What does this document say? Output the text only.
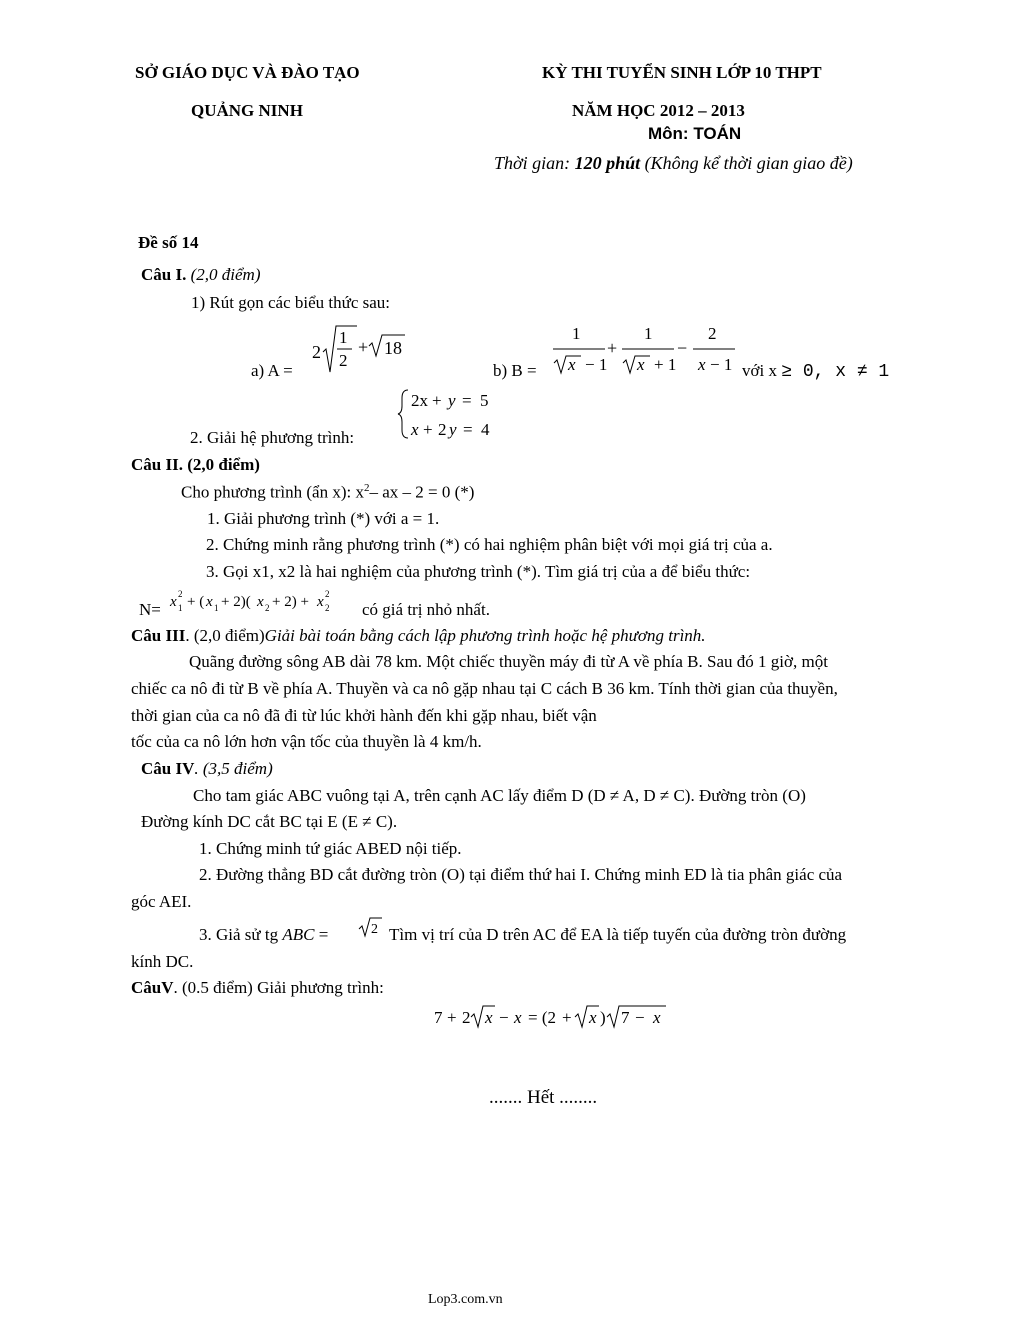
SỞ GIÁO DỤC VÀ ĐÀO TẠO
QUẢNG NINH
KỲ THI TUYỂN SINH LỚP 10 THPT
NĂM HỌC 2012 – 2013
Môn: TOÁN
Thời gian: 120 phút (Không kể thời gian giao đề)
Đề số 14
Câu I. (2,0 điểm)
1) Rút gọn các biểu thức sau:
a) A =
2
1
2
+ 18
b) B =
1
x − 1
+
1
x + 1
−
2
x − 1 với x ≥ 0, x ≠ 1
2. Giải hệ phương trình:
2x + y = 5
x + 2 y = 4
Câu II. (2,0 điểm)
Cho phương trình (ẩn x): $x^2-$ ax – 2 = 0 (*)
1. Giải phương trình (*) với a = 1.
2. Chứng minh rằng phương trình (*) có hai nghiệm phân biệt với mọi giá trị của a.
3. Gọi x1, x2 là hai nghiệm của phương trình (*). Tìm giá trị của a để biểu thức:
N= x 2
1 + ( x 1 + 2)( x 2 + 2) + x 2
2 có giá trị nhỏ nhất.
Câu III. (2,0 điểm)Giải bài toán bằng cách lập phương trình hoặc hệ phương trình.
Quãng đường sông AB dài 78 km. Một chiếc thuyền máy đi từ A về phía B. Sau đó 1 giờ, một
chiếc ca nô đi từ B về phía A. Thuyền và ca nô gặp nhau tại C cách B 36 km. Tính thời gian của thuyền,
thời gian của ca nô đã đi từ lúc khởi hành đến khi gặp nhau, biết vận
tốc của ca nô lớn hơn vận tốc của thuyền là 4 km/h.
Câu IV. (3,5 điểm)
Cho tam giác ABC vuông tại A, trên cạnh AC lấy điểm D (D ≠ A, D ≠ C). Đường tròn (O)
Đường kính DC cắt BC tại E (E ≠ C).
1. Chứng minh tứ giác ABED nội tiếp.
2. Đường thẳng BD cắt đường tròn (O) tại điểm thứ hai I. Chứng minh ED là tia phân giác của
góc AEI.
3. Giả sử tg ABC =	2 Tìm vị trí của D trên AC để EA là tiếp tuyến của đường tròn đường
kính DC.
CâuV. (0.5 điểm) Giải phương trình:
7 + 2 x − x = (2 + x ) 7 − x
....... Hết ........
Lop3.com.vn
